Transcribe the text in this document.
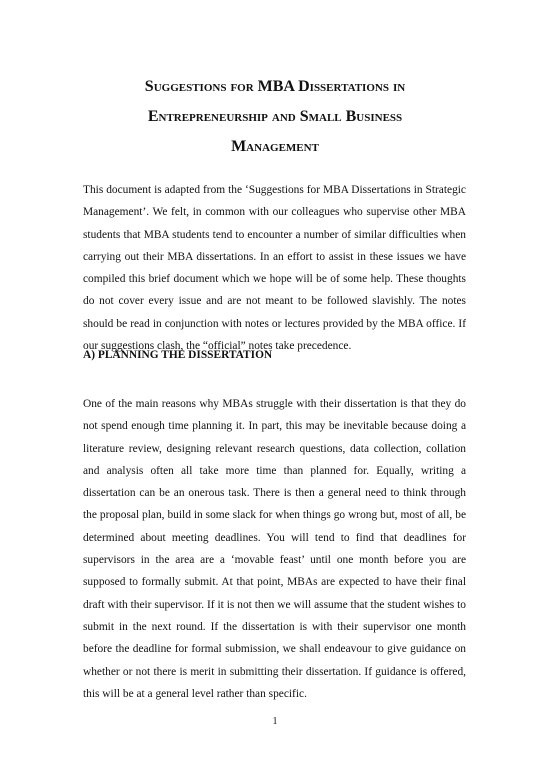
Suggestions for MBA Dissertations in
Entrepreneurship and Small Business
Management

This document is adapted from the ‘Suggestions for MBA Dissertations in Strategic Management’. We felt, in common with our colleagues who supervise other MBA students that MBA students tend to encounter a number of similar difficulties when carrying out their MBA dissertations. In an effort to assist in these issues we have compiled this brief document which we hope will be of some help. These thoughts do not cover every issue and are not meant to be followed slavishly. The notes should be read in conjunction with notes or lectures provided by the MBA office. If our suggestions clash, the “official” notes take precedence.

A) PLANNING THE DISSERTATION

One of the main reasons why MBAs struggle with their dissertation is that they do not spend enough time planning it. In part, this may be inevitable because doing a literature review, designing relevant research questions, data collection, collation and analysis often all take more time than planned for. Equally, writing a dissertation can be an onerous task. There is then a general need to think through the proposal plan, build in some slack for when things go wrong but, most of all, be determined about meeting deadlines. You will tend to find that deadlines for supervisors in the area are a ‘movable feast’ until one month before you are supposed to formally submit. At that point, MBAs are expected to have their final draft with their supervisor. If it is not then we will assume that the student wishes to submit in the next round. If the dissertation is with their supervisor one month before the deadline for formal submission, we shall endeavour to give guidance on whether or not there is merit in submitting their dissertation. If guidance is offered, this will be at a general level rather than specific.

1
